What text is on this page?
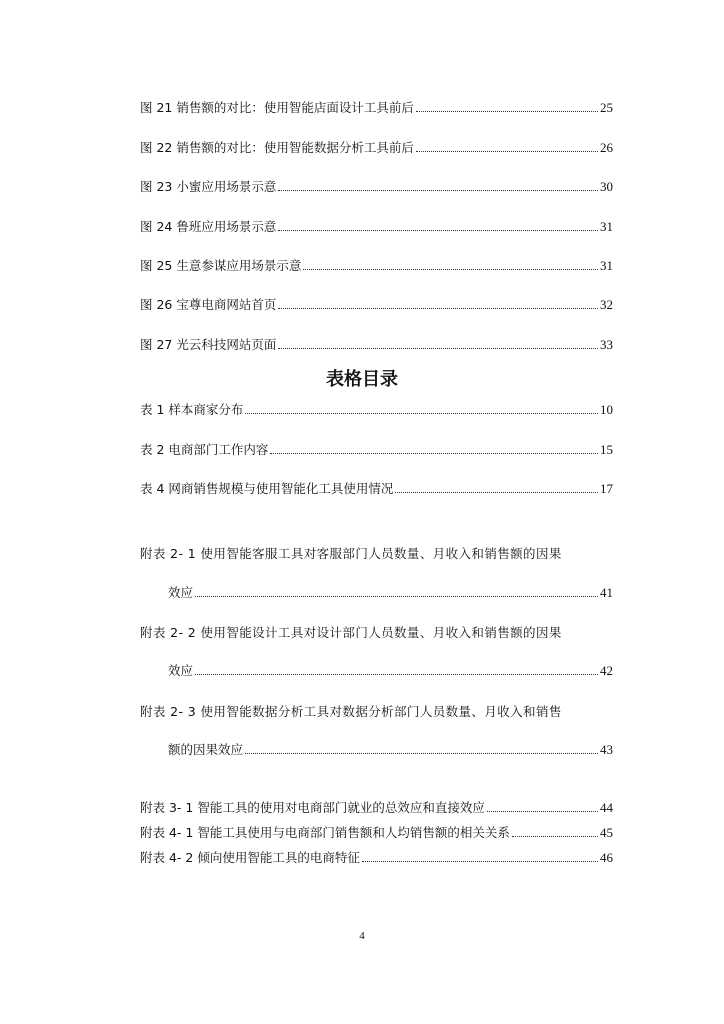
图 21 销售额的对比：使用智能店面设计工具前后	25
图 22 销售额的对比：使用智能数据分析工具前后	26
图 23 小蜜应用场景示意	30
图 24 鲁班应用场景示意	31
图 25 生意参谋应用场景示意	31
图 26 宝尊电商网站首页	32
图 27 光云科技网站页面	33
表格目录
表 1 样本商家分布	10
表 2 电商部门工作内容	15
表 4 网商销售规模与使用智能化工具使用情况	17
附表 2- 1 使用智能客服工具对客服部门人员数量、月收入和销售额的因果
效应	41
附表 2- 2 使用智能设计工具对设计部门人员数量、月收入和销售额的因果
效应	42
附表 2- 3 使用智能数据分析工具对数据分析部门人员数量、月收入和销售
额的因果效应	43
附表 3- 1 智能工具的使用对电商部门就业的总效应和直接效应	44
附表 4- 1 智能工具使用与电商部门销售额和人均销售额的相关关系	45
附表 4- 2 倾向使用智能工具的电商特征	46
4
